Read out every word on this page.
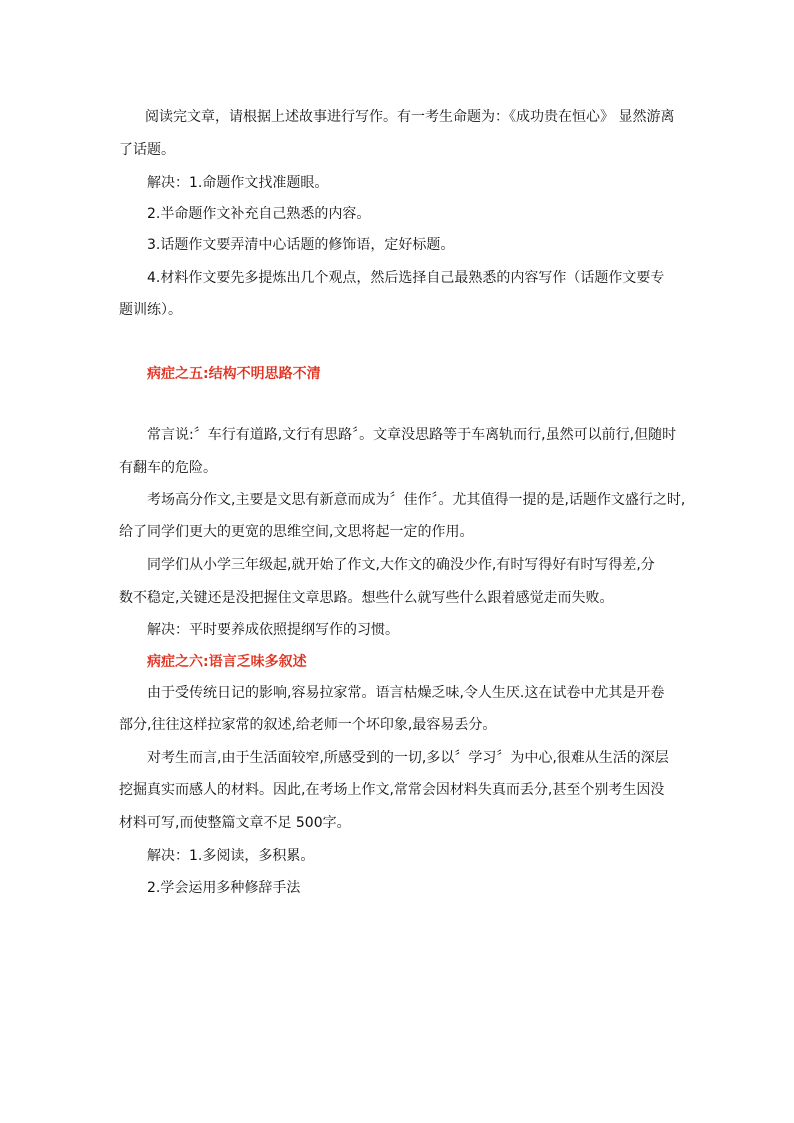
阅读完文章，请根据上述故事进行写作。有一考生命题为：《成功贵在恒心》 显然游离
了话题。
解决：1.命题作文找准题眼。
2.半命题作文补充自己熟悉的内容。
3.话题作文要弄清中心话题的修饰语，定好标题。
4.材料作文要先多提炼出几个观点，然后选择自己最熟悉的内容写作（话题作文要专
题训练）。
病症之五:结构不明思路不清
常言说:〞车行有道路,文行有思路〞。文章没思路等于车离轨而行,虽然可以前行,但随时
有翻车的危险。
考场高分作文,主要是文思有新意而成为〞佳作〞。尤其值得一提的是,话题作文盛行之时,
给了同学们更大的更宽的思维空间,文思将起一定的作用。
同学们从小学三年级起,就开始了作文,大作文的确没少作,有时写得好有时写得差,分
数不稳定,关键还是没把握住文章思路。想些什么就写些什么跟着感觉走而失败。
解决：平时要养成依照提纲写作的习惯。
病症之六:语言乏味多叙述
由于受传统日记的影响,容易拉家常。语言枯燥乏味,令人生厌.这在试卷中尤其是开卷
部分,往往这样拉家常的叙述,给老师一个坏印象,最容易丢分。
对考生而言,由于生活面较窄,所感受到的一切,多以〞学习〞为中心,很难从生活的深层
挖掘真实而感人的材料。因此,在考场上作文,常常会因材料失真而丢分,甚至个别考生因没
材料可写,而使整篇文章不足 500字。
解决：1.多阅读，多积累。
2.学会运用多种修辞手法
